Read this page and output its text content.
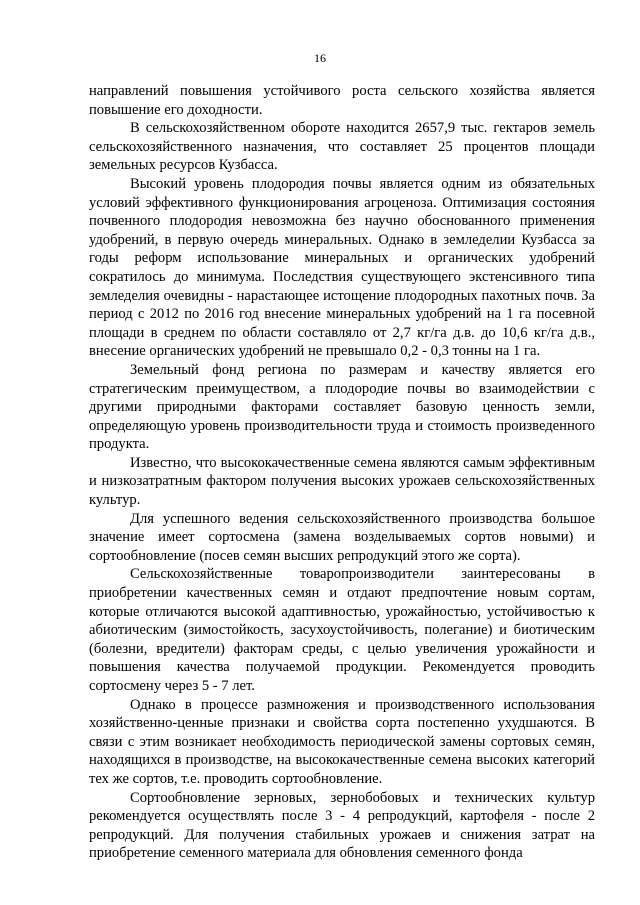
16

направлений повышения устойчивого роста сельского хозяйства является повышение его доходности.

В сельскохозяйственном обороте находится 2657,9 тыс. гектаров земель сельскохозяйственного назначения, что составляет 25 процентов площади земельных ресурсов Кузбасса.

Высокий уровень плодородия почвы является одним из обязательных условий эффективного функционирования агроценоза. Оптимизация состояния почвенного плодородия невозможна без научно обоснованного применения удобрений, в первую очередь минеральных. Однако в земледелии Кузбасса за годы реформ использование минеральных и органических удобрений сократилось до минимума. Последствия существующего экстенсивного типа земледелия очевидны - нарастающее истощение плодородных пахотных почв. За период с 2012 по 2016 год внесение минеральных удобрений на 1 га посевной площади в среднем по области составляло от 2,7 кг/га д.в. до 10,6 кг/га д.в., внесение органических удобрений не превышало 0,2 - 0,3 тонны на 1 га.

Земельный фонд региона по размерам и качеству является его стратегическим преимуществом, а плодородие почвы во взаимодействии с другими природными факторами составляет базовую ценность земли, определяющую уровень производительности труда и стоимость произведенного продукта.

Известно, что высококачественные семена являются самым эффективным и низкозатратным фактором получения высоких урожаев сельскохозяйственных культур.

Для успешного ведения сельскохозяйственного производства большое значение имеет сортосмена (замена возделываемых сортов новыми) и сортообновление (посев семян высших репродукций этого же сорта).

Сельскохозяйственные товаропроизводители заинтересованы в приобретении качественных семян и отдают предпочтение новым сортам, которые отличаются высокой адаптивностью, урожайностью, устойчивостью к абиотическим (зимостойкость, засухоустойчивость, полегание) и биотическим (болезни, вредители) факторам среды, с целью увеличения урожайности и повышения качества получаемой продукции. Рекомендуется проводить сортосмену через 5 - 7 лет.

Однако в процессе размножения и производственного использования хозяйственно-ценные признаки и свойства сорта постепенно ухудшаются. В связи с этим возникает необходимость периодической замены сортовых семян, находящихся в производстве, на высококачественные семена высоких категорий тех же сортов, т.е. проводить сортообновление.

Сортообновление зерновых, зернобобовых и технических культур рекомендуется осуществлять после 3 - 4 репродукций, картофеля - после 2 репродукций. Для получения стабильных урожаев и снижения затрат на приобретение семенного материала для обновления семенного фонда
